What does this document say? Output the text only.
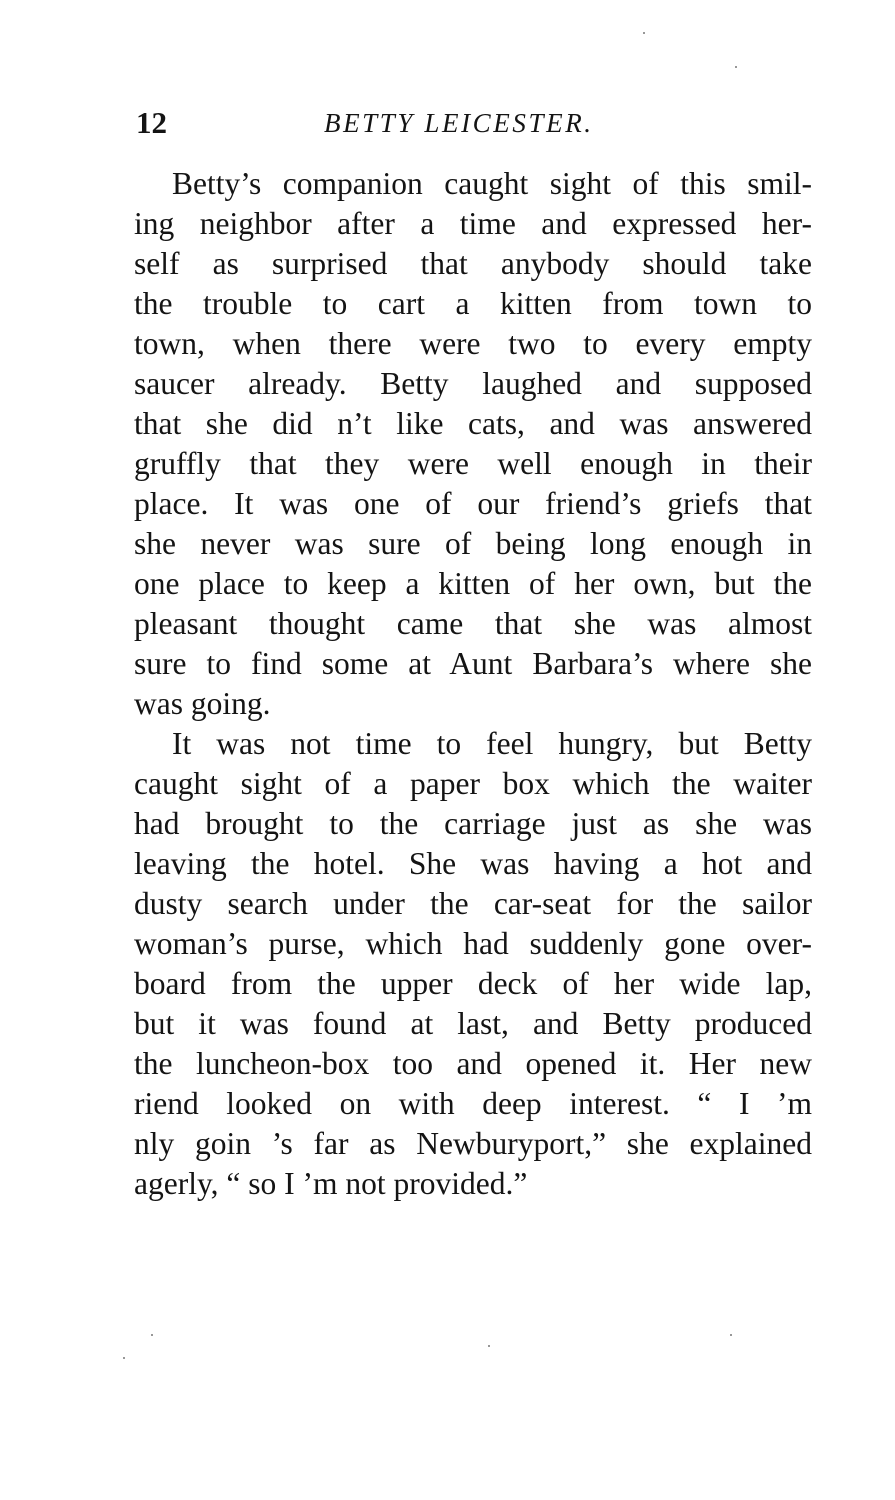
12	BETTY LEICESTER.
Betty’s companion caught sight of this smil-
ing neighbor after a time and expressed her-
self as surprised that anybody should take
the trouble to cart a kitten from town to
town, when there were two to every empty
saucer already. Betty laughed and supposed
that she did n’t like cats, and was answered
gruffly that they were well enough in their
place. It was one of our friend’s griefs that
she never was sure of being long enough in
one place to keep a kitten of her own, but the
pleasant thought came that she was almost
sure to find some at Aunt Barbara’s where she
was going.
It was not time to feel hungry, but Betty
caught sight of a paper box which the waiter
had brought to the carriage just as she was
leaving the hotel. She was having a hot and
dusty search under the car-seat for the sailor
woman’s purse, which had suddenly gone over-
board from the upper deck of her wide lap,
but it was found at last, and Betty produced
the luncheon-box too and opened it. Her new
riend looked on with deep interest. “ I ’m
nly goin ’s far as Newburyport,” she explained
agerly, “ so I ’m not provided.”
